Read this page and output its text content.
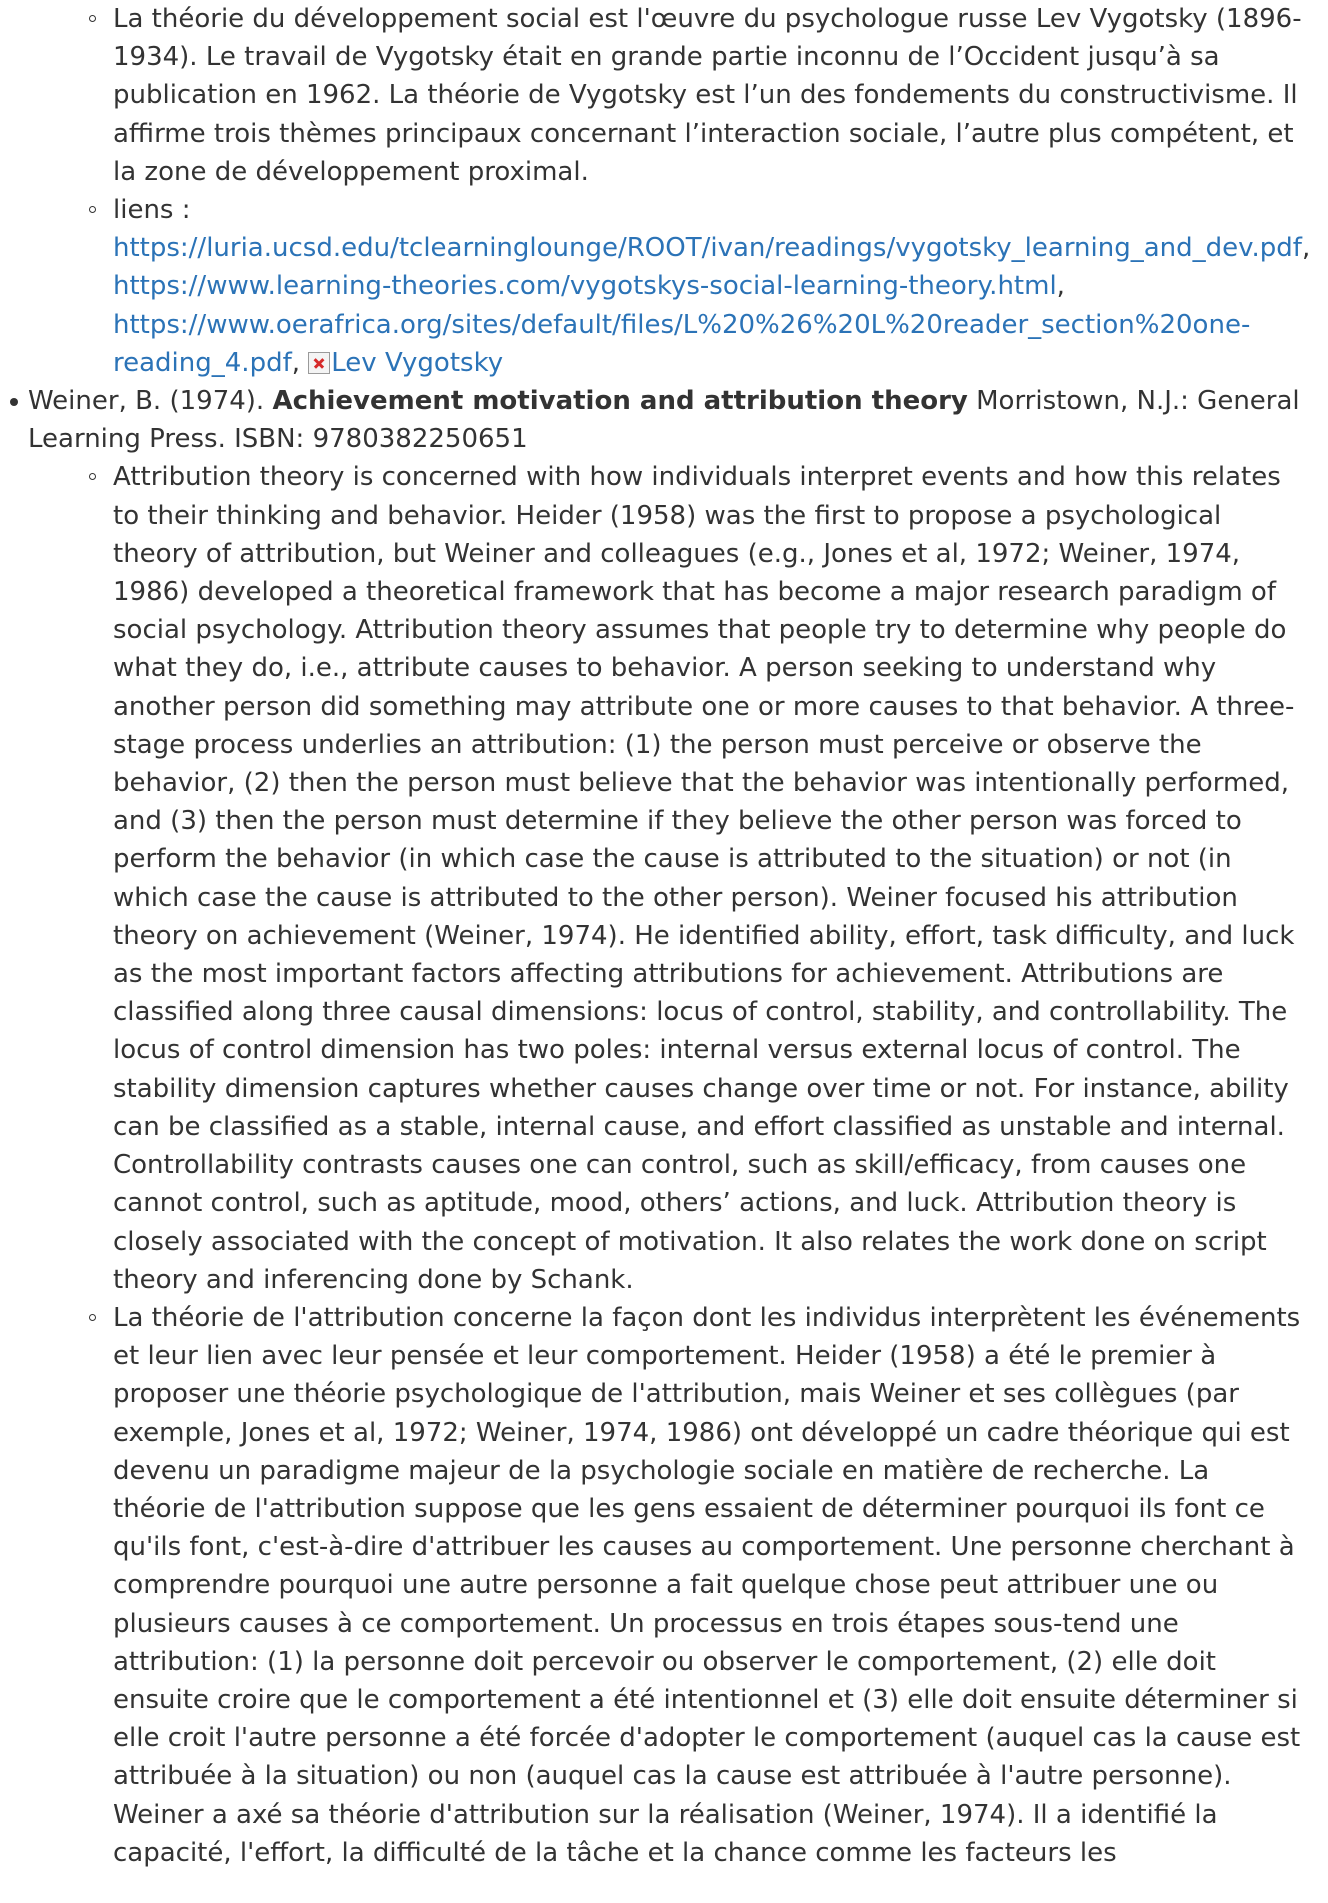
La théorie du développement social est l'œuvre du psychologue russe Lev Vygotsky (1896-1934). Le travail de Vygotsky était en grande partie inconnu de l’Occident jusqu’à sa publication en 1962. La théorie de Vygotsky est l’un des fondements du constructivisme. Il affirme trois thèmes principaux concernant l’interaction sociale, l’autre plus compétent, et la zone de développement proximal.
liens :
https://luria.ucsd.edu/tclearninglounge/ROOT/ivan/readings/vygotsky_learning_and_dev.pdf, https://www.learning-theories.com/vygotskys-social-learning-theory.html, https://www.oerafrica.org/sites/default/files/L%20%26%20L%20reader_section%20one-reading_4.pdf, Lev Vygotsky
Weiner, B. (1974). Achievement motivation and attribution theory Morristown, N.J.: General Learning Press. ISBN: 9780382250651
Attribution theory is concerned with how individuals interpret events and how this relates to their thinking and behavior. Heider (1958) was the first to propose a psychological theory of attribution, but Weiner and colleagues (e.g., Jones et al, 1972; Weiner, 1974, 1986) developed a theoretical framework that has become a major research paradigm of social psychology. Attribution theory assumes that people try to determine why people do what they do, i.e., attribute causes to behavior. A person seeking to understand why another person did something may attribute one or more causes to that behavior. A three-stage process underlies an attribution: (1) the person must perceive or observe the behavior, (2) then the person must believe that the behavior was intentionally performed, and (3) then the person must determine if they believe the other person was forced to perform the behavior (in which case the cause is attributed to the situation) or not (in which case the cause is attributed to the other person). Weiner focused his attribution theory on achievement (Weiner, 1974). He identified ability, effort, task difficulty, and luck as the most important factors affecting attributions for achievement. Attributions are classified along three causal dimensions: locus of control, stability, and controllability. The locus of control dimension has two poles: internal versus external locus of control. The stability dimension captures whether causes change over time or not. For instance, ability can be classified as a stable, internal cause, and effort classified as unstable and internal. Controllability contrasts causes one can control, such as skill/efficacy, from causes one cannot control, such as aptitude, mood, others’ actions, and luck. Attribution theory is closely associated with the concept of motivation. It also relates the work done on script theory and inferencing done by Schank.
La théorie de l'attribution concerne la façon dont les individus interprètent les événements et leur lien avec leur pensée et leur comportement. Heider (1958) a été le premier à proposer une théorie psychologique de l'attribution, mais Weiner et ses collègues (par exemple, Jones et al, 1972; Weiner, 1974, 1986) ont développé un cadre théorique qui est devenu un paradigme majeur de la psychologie sociale en matière de recherche. La théorie de l'attribution suppose que les gens essaient de déterminer pourquoi ils font ce qu'ils font, c'est-à-dire d'attribuer les causes au comportement. Une personne cherchant à comprendre pourquoi une autre personne a fait quelque chose peut attribuer une ou plusieurs causes à ce comportement. Un processus en trois étapes sous-tend une attribution: (1) la personne doit percevoir ou observer le comportement, (2) elle doit ensuite croire que le comportement a été intentionnel et (3) elle doit ensuite déterminer si elle croit l'autre personne a été forcée d'adopter le comportement (auquel cas la cause est attribuée à la situation) ou non (auquel cas la cause est attribuée à l'autre personne). Weiner a axé sa théorie d'attribution sur la réalisation (Weiner, 1974). Il a identifié la capacité, l'effort, la difficulté de la tâche et la chance comme les facteurs les
